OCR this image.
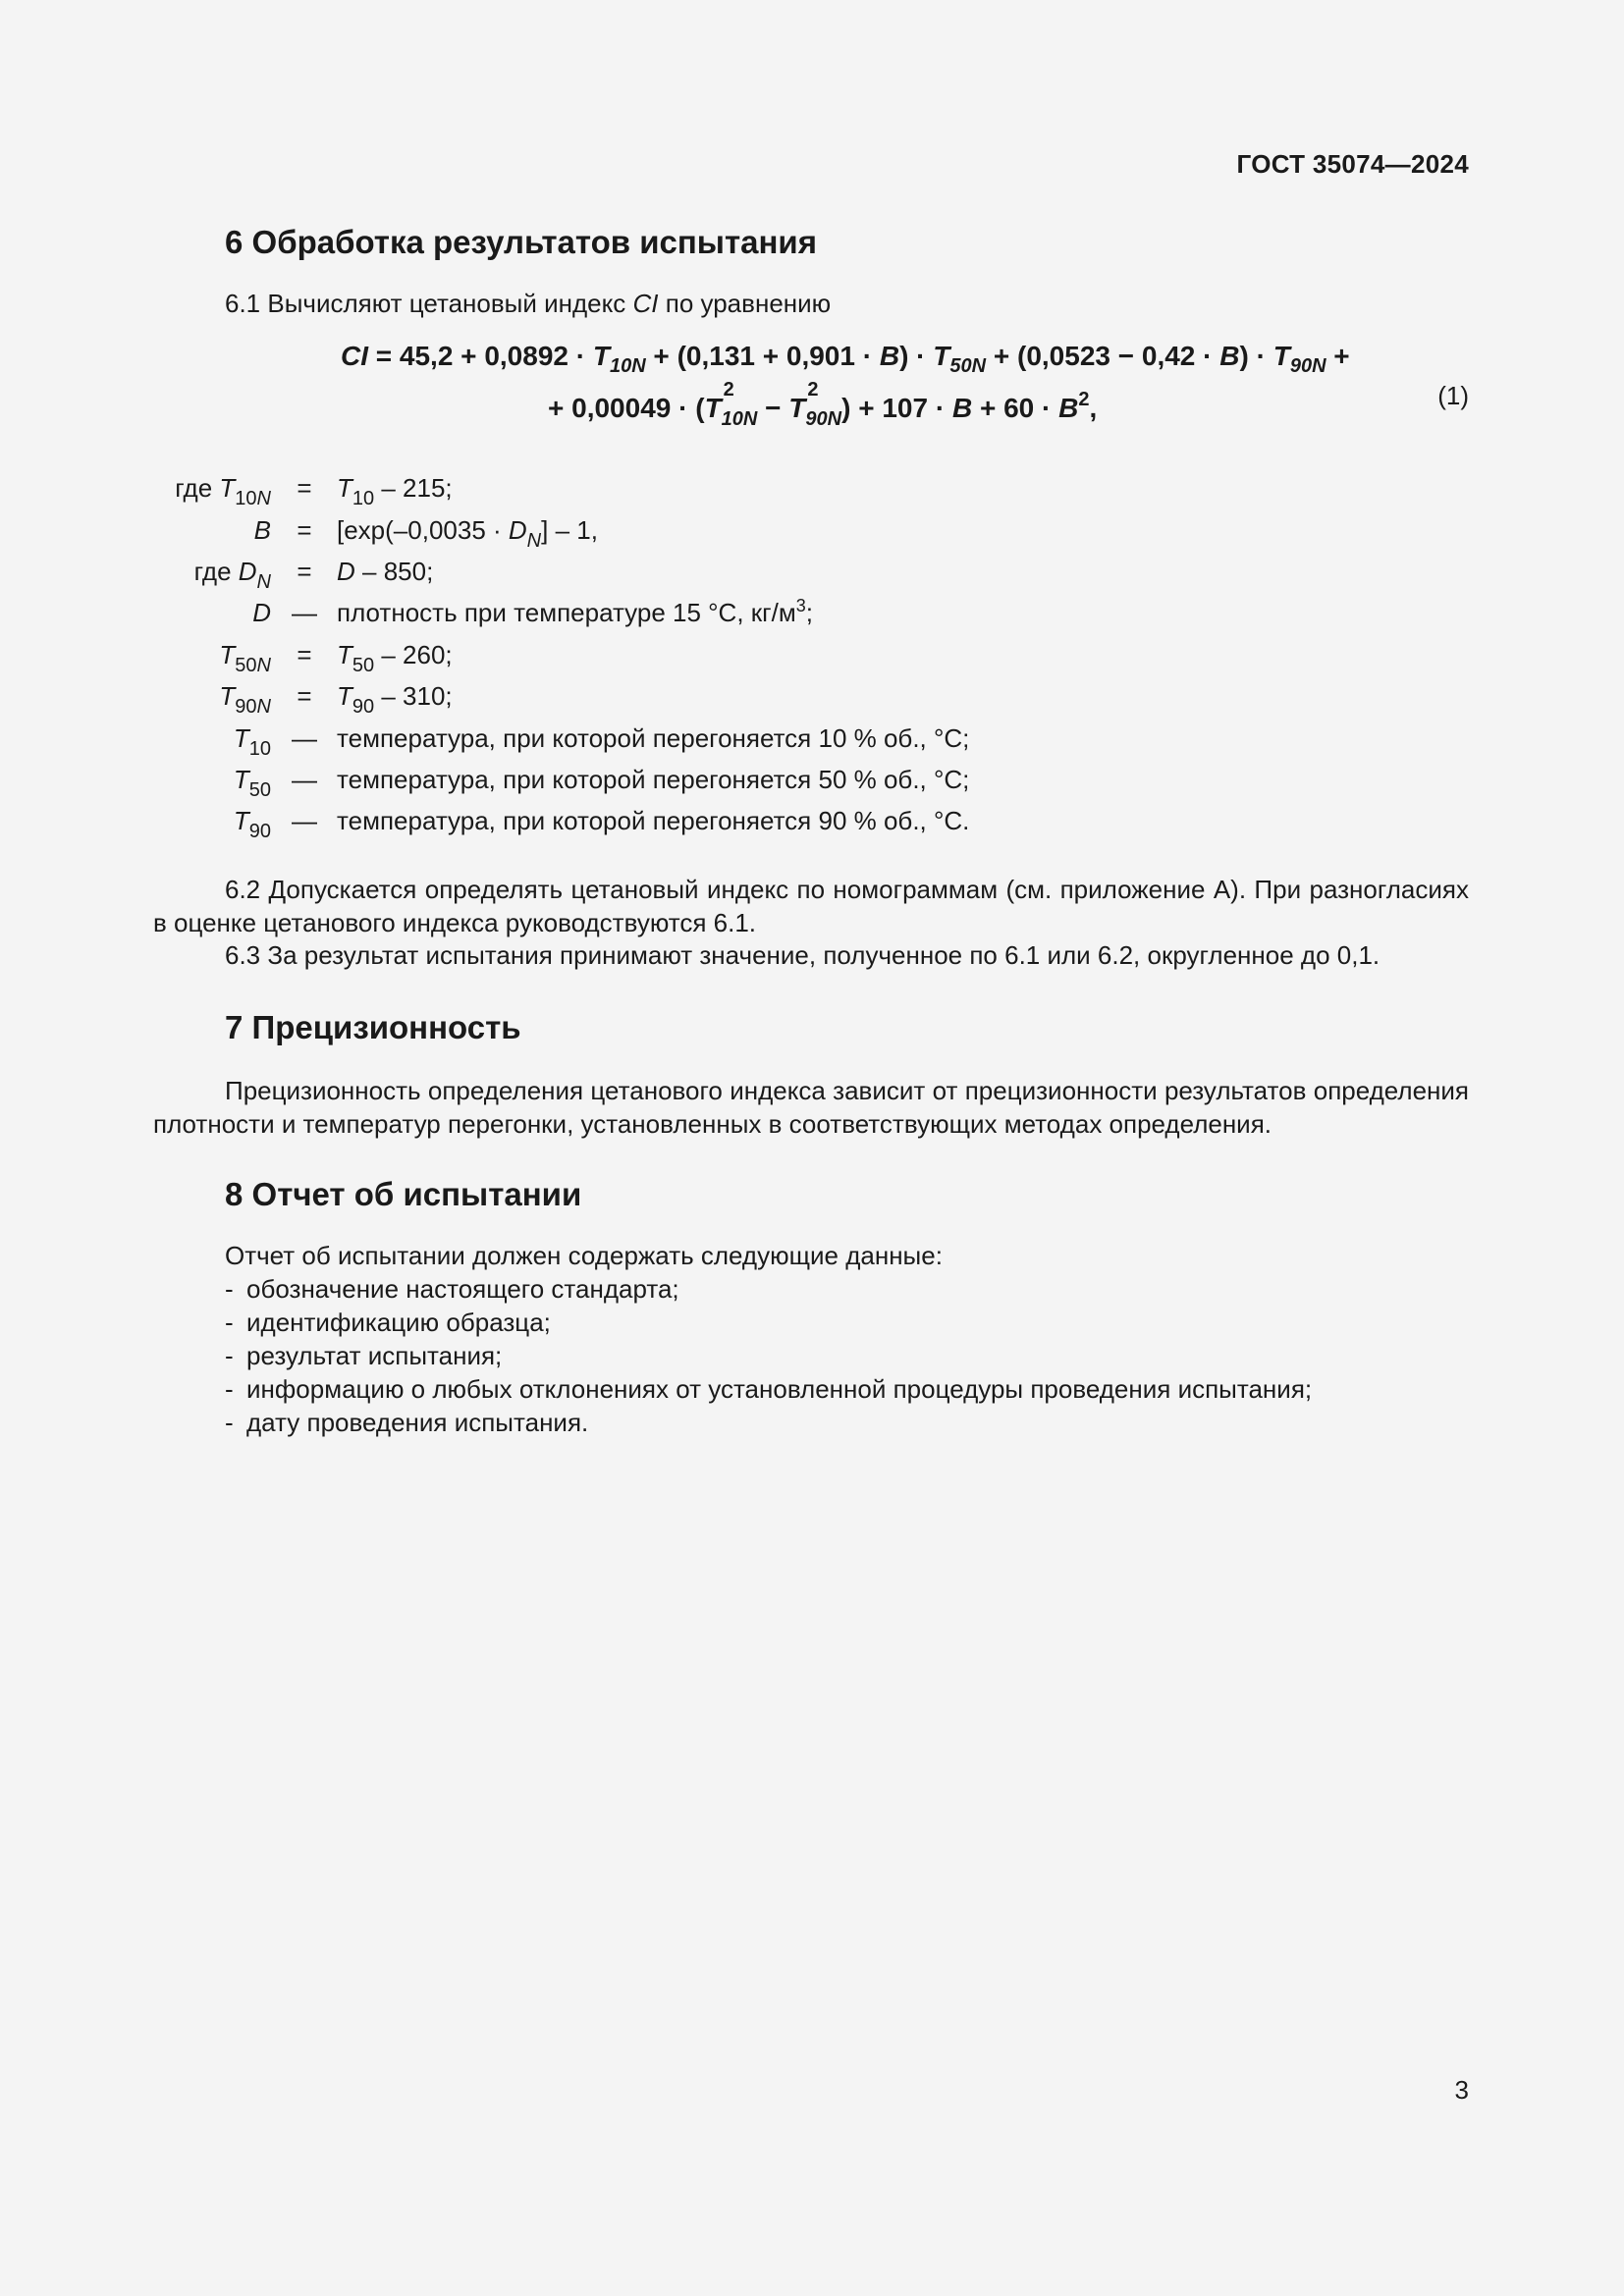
ГОСТ 35074—2024
6 Обработка результатов испытания
6.1 Вычисляют цетановый индекс CI по уравнению
CI = $45,2 + 0,0892 \cdot T_{10N} + (0,131 + 0,901 \cdot B) \cdot T_{50N} + (0,0523 - 0,42 \cdot B) \cdot T_{90N}$ +
+ 0,00049 · (T
2
10N − T
2
$90N) + 107 \cdot B + 60 \cdot B^2$,	(1)
где $T_{10N} = T_{10} - 215$;
$B = [\exp(-0,0035 \cdot D_N] - 1$,
где $D_N = D - 850$;
D — плотность при температуре 15 °С, $кг/м^3$;
$T_{50N} = T_{50} - 260$;
$T_{90N} = T_{90} - 310$;
$T_{10}$ — температура, при которой перегоняется 10 % об., °С;
$T_{50}$ — температура, при которой перегоняется 50 % об., °С;
$T_{90}$ — температура, при которой перегоняется 90 % об., °С.
6.2 Допускается определять цетановый индекс по номограммам (см. приложение А). При разногласиях в оценке цетанового индекса руководствуются 6.1.
6.3 За результат испытания принимают значение, полученное по 6.1 или 6.2, округленное до 0,1.
7 Прецизионность
Прецизионность определения цетанового индекса зависит от прецизионности результатов определения плотности и температур перегонки, установленных в соответствующих методах определения.
8 Отчет об испытании
Отчет об испытании должен содержать следующие данные:
- обозначение настоящего стандарта;
- идентификацию образца;
- результат испытания;
- информацию о любых отклонениях от установленной процедуры проведения испытания;
- дату проведения испытания.
3
